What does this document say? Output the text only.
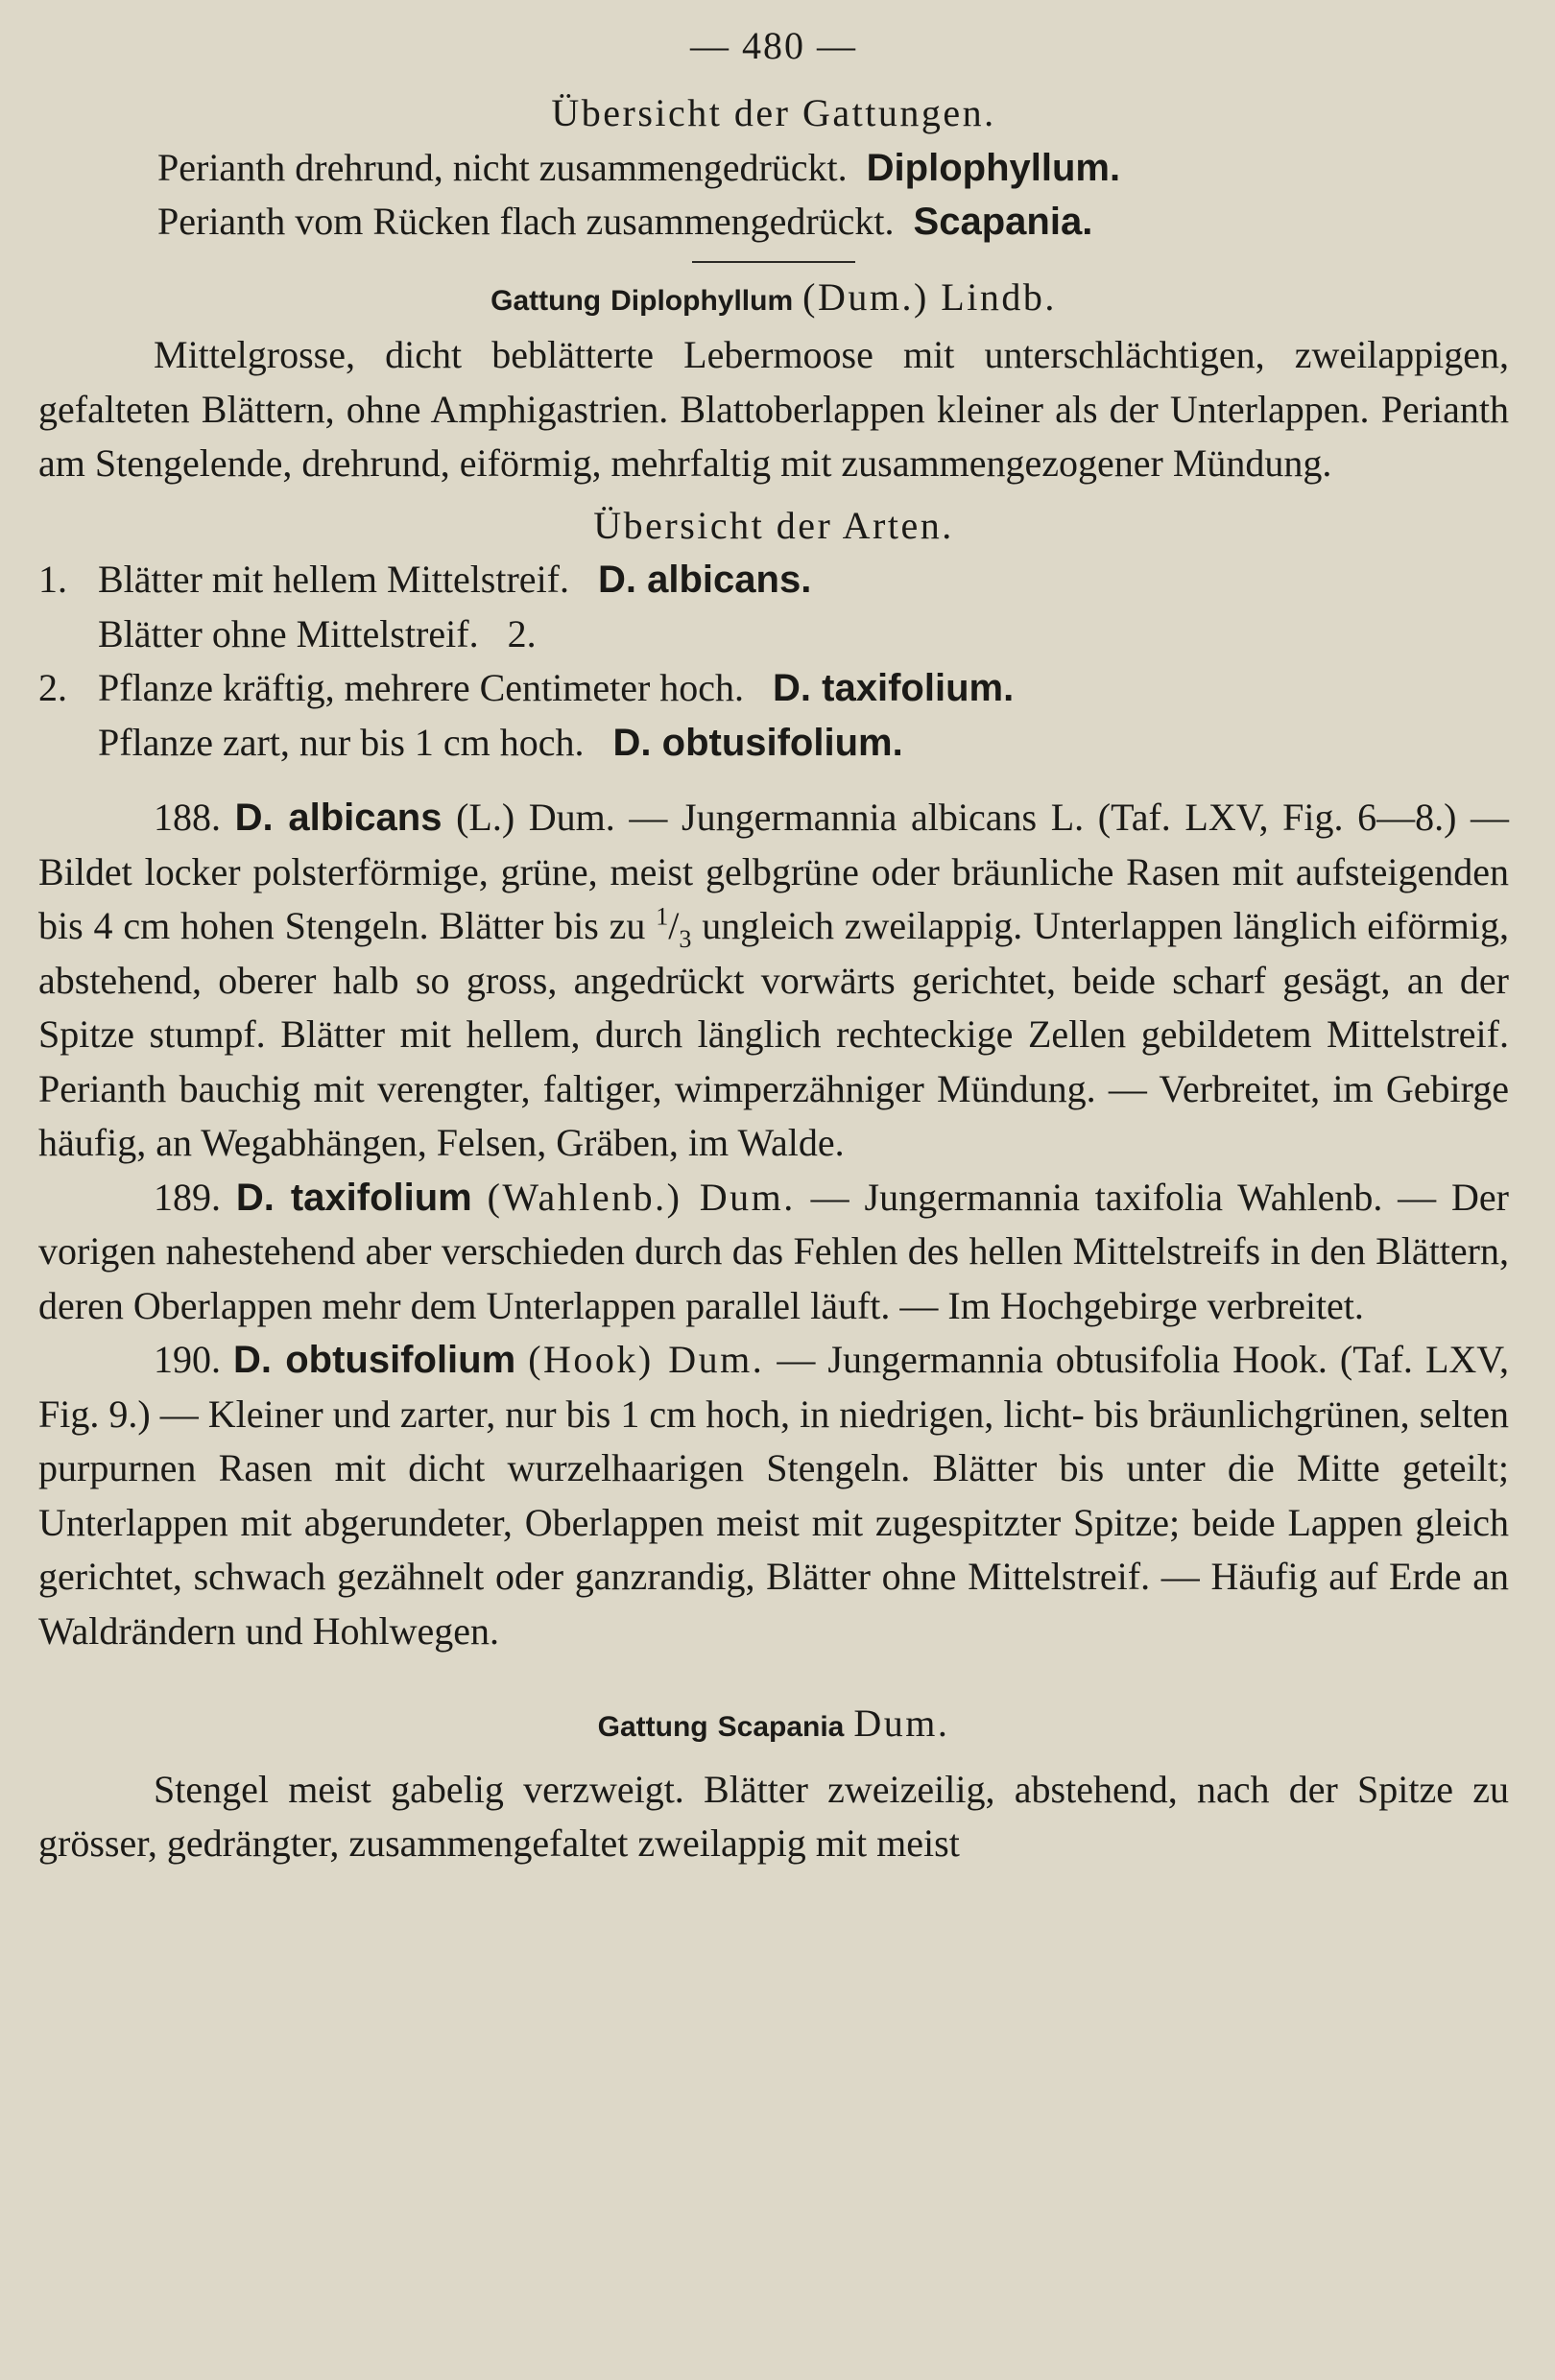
— 480 —
Übersicht der Gattungen.
Perianth drehrund, nicht zusammengedrückt.
Diplophyllum.
Perianth vom Rücken flach zusammengedrückt.
Scapania.
Gattung Diplophyllum (Dum.) Lindb.
Mittelgrosse, dicht beblätterte Lebermoose mit unterschlächtigen, zweilappigen, gefalteten Blättern, ohne Amphigastrien. Blattoberlappen kleiner als der Unterlappen. Perianth am Stengelende, drehrund, eiförmig, mehrfaltig mit zusammengezogener Mündung.
Übersicht der Arten.
1. Blätter mit hellem Mittelstreif. D. albicans.
Blätter ohne Mittelstreif. 2.
2. Pflanze kräftig, mehrere Centimeter hoch. D. taxifolium.
Pflanze zart, nur bis 1 cm hoch. D. obtusifolium.
188. D. albicans (L.) Dum. — Jungermannia albicans L. (Taf. LXV, Fig. 6—8.) — Bildet locker polsterförmige, grüne, meist gelbgrüne oder bräunliche Rasen mit aufsteigenden bis 4 cm hohen Stengeln. Blätter bis zu $^1/_3$ ungleich zweilappig. Unterlappen länglich eiförmig, abstehend, oberer halb so gross, angedrückt vorwärts gerichtet, beide scharf gesägt, an der Spitze stumpf. Blätter mit hellem, durch länglich rechteckige Zellen gebildetem Mittelstreif. Perianth bauchig mit verengter, faltiger, wimperzähniger Mündung. — Verbreitet, im Gebirge häufig, an Wegabhängen, Felsen, Gräben, im Walde.
189. D. taxifolium (Wahlenb.) Dum. — Jungermannia taxifolia Wahlenb. — Der vorigen nahestehend aber verschieden durch das Fehlen des hellen Mittelstreifs in den Blättern, deren Oberlappen mehr dem Unterlappen parallel läuft. — Im Hochgebirge verbreitet.
190. D. obtusifolium (Hook) Dum. — Jungermannia obtusifolia Hook. (Taf. LXV, Fig. 9.) — Kleiner und zarter, nur bis 1 cm hoch, in niedrigen, licht- bis bräunlichgrünen, selten purpurnen Rasen mit dicht wurzelhaarigen Stengeln. Blätter bis unter die Mitte geteilt; Unterlappen mit abgerundeter, Oberlappen meist mit zugespitzter Spitze; beide Lappen gleich gerichtet, schwach gezähnelt oder ganzrandig, Blätter ohne Mittelstreif. — Häufig auf Erde an Waldrändern und Hohlwegen.
Gattung Scapania Dum.
Stengel meist gabelig verzweigt. Blätter zweizeilig, abstehend, nach der Spitze zu grösser, gedrängter, zusammengefaltet zweilappig mit meist
